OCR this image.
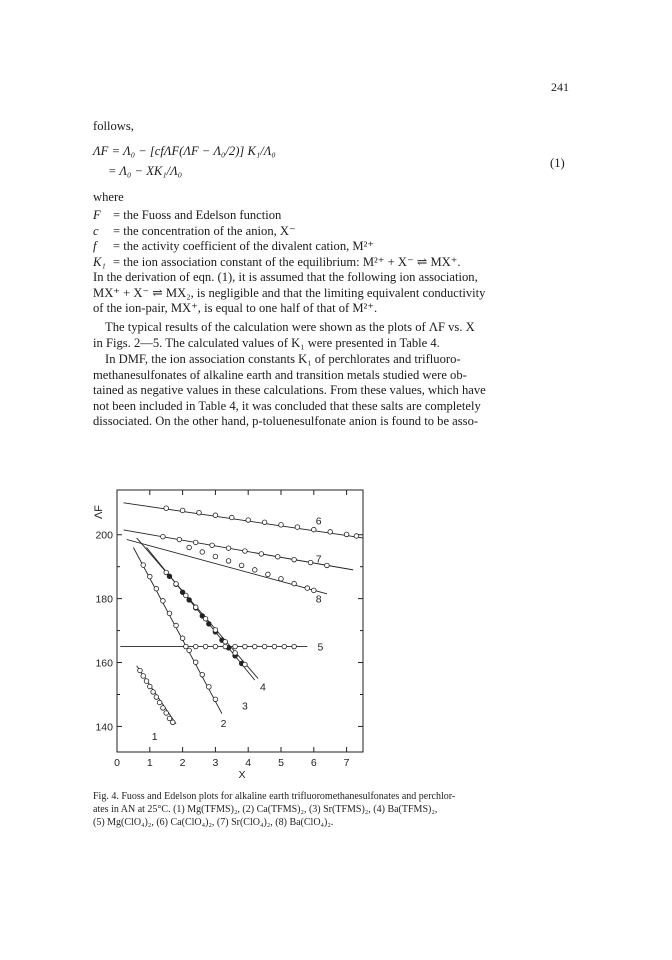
241
follows,
ΛF = Λ₀ − [cfΛF(ΛF − Λ₀/2)] K₁/Λ₀
= Λ₀ − XK₁/Λ₀
(1)
where
F = the Fuoss and Edelson function
c	= the concentration of the anion, X⁻
f	= the activity coefficient of the divalent cation, M²⁺
K₁ = the ion association constant of the equilibrium: M²⁺ + X⁻ ⇌ MX⁺.

In the derivation of eqn. (1), it is assumed that the following ion association,

MX⁺ + X⁻ ⇌ MX₂, is negligible and that the limiting equivalent conductivity

of the ion-pair, MX⁺, is equal to one half of that of M²⁺.

The typical results of the calculation were shown as the plots of ΛF vs. X

in Figs. 2—5. The calculated values of K₁ were presented in Table 4.

In DMF, the ion association constants K₁ of perchlorates and trifluoro-

methanesulfonates of alkaline earth and transition metals studied were ob-

tained as negative values in these calculations. From these values, which have

not been included in Table 4, it was concluded that these salts are completely

dissociated. On the other hand, p-toluenesulfonate anion is found to be asso-

0	1	2	3	4	5	6	7
140
160
180
200
X
ΛF
1
2
3
4
5
6
7
8
Fig. 4. Fuoss and Edelson plots for alkaline earth trifluoromethanesulfonates and perchlor-
ates in AN at 25°C. (1) Mg(TFMS)₂, (2) Ca(TFMS)₂, (3) Sr(TFMS)₂, (4) Ba(TFMS)₂,
(5) Mg(ClO₄)₂, (6) Ca(ClO₄)₂, (7) Sr(ClO₄)₂, (8) Ba(ClO₄)₂.
